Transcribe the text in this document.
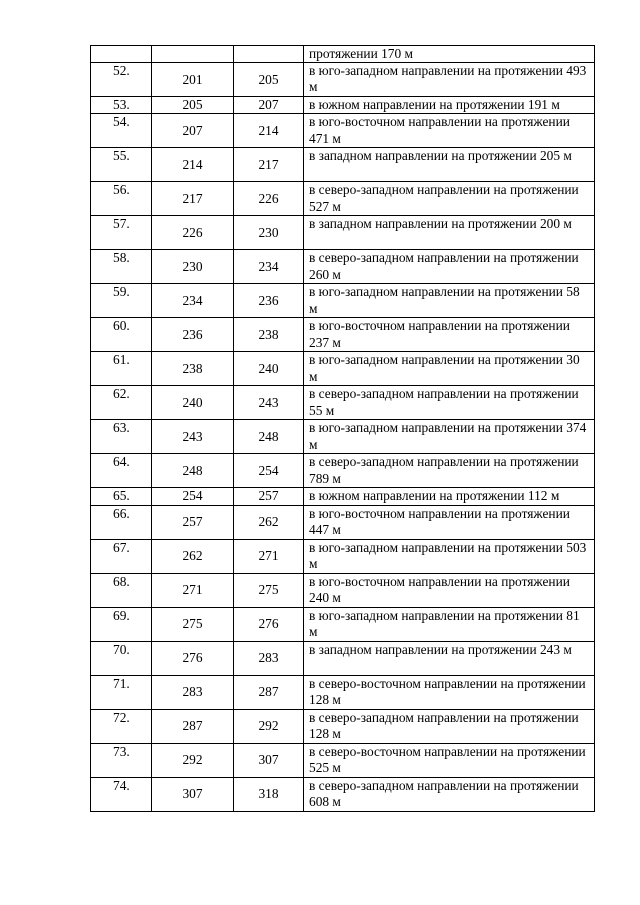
			протяжении 170 м
52.	201	205	в юго-западном направлении на протяжении 493 м
53.	205	207	в южном направлении на протяжении 191 м
54.	207	214	в юго-восточном направлении на протяжении 471 м
55.	214	217	в западном направлении на протяжении 205 м
56.	217	226	в северо-западном направлении на протяжении 527 м
57.	226	230	в западном направлении на протяжении 200 м
58.	230	234	в северо-западном направлении на протяжении 260 м
59.	234	236	в юго-западном направлении на протяжении 58 м
60.	236	238	в юго-восточном направлении на протяжении 237 м
61.	238	240	в юго-западном направлении на протяжении 30 м
62.	240	243	в северо-западном направлении на протяжении 55 м
63.	243	248	в юго-западном направлении на протяжении 374 м
64.	248	254	в северо-западном направлении на протяжении 789 м
65.	254	257	в южном направлении на протяжении 112 м
66.	257	262	в юго-восточном направлении на протяжении 447 м
67.	262	271	в юго-западном направлении на протяжении 503 м
68.	271	275	в юго-восточном направлении на протяжении 240 м
69.	275	276	в юго-западном направлении на протяжении 81 м
70.	276	283	в западном направлении на протяжении 243 м
71.	283	287	в северо-восточном направлении на протяжении 128 м
72.	287	292	в северо-западном направлении на протяжении 128 м
73.	292	307	в северо-восточном направлении на протяжении 525 м
74.	307	318	в северо-западном направлении на протяжении 608 м
